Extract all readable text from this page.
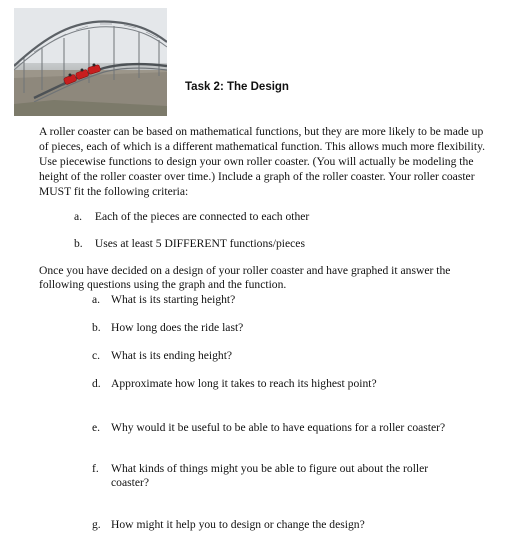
Task 2: The Design
A roller coaster can be based on mathematical functions, but they are more likely to be made up of pieces, each of which is a different mathematical function. This allows much more flexibility. Use piecewise functions to design your own roller coaster. (You will actually be modeling the height of the roller coaster over time.) Include a graph of the roller coaster. Your roller coaster MUST fit the following criteria:
a. Each of the pieces are connected to each other
b. Uses at least 5 DIFFERENT functions/pieces
Once you have decided on a design of your roller coaster and have graphed it answer the following questions using the graph and the function.
a. What is its starting height?
b. How long does the ride last?
c. What is its ending height?
d. Approximate how long it takes to reach its highest point?
e. Why would it be useful to be able to have equations for a roller coaster?
f. What kinds of things might you be able to figure out about the roller coaster?
g. How might it help you to design or change the design?
